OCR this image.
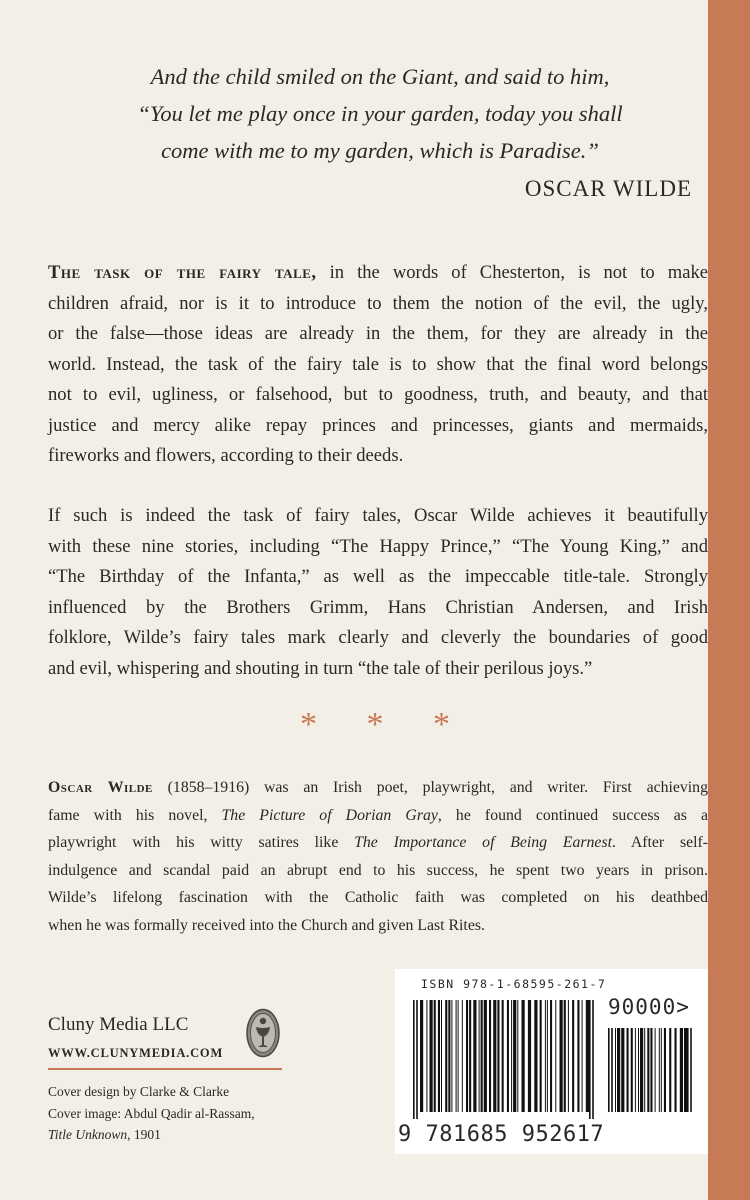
And the child smiled on the Giant, and said to him,
“You let me play once in your garden, today you shall
come with me to my garden, which is Paradise.”
OSCAR WILDE
The task of the fairy tale, in the words of Chesterton, is not to make
children afraid, nor is it to introduce to them the notion of the evil, the ugly,
or the false—those ideas are already in the them, for they are already in the
world. Instead, the task of the fairy tale is to show that the final word belongs
not to evil, ugliness, or falsehood, but to goodness, truth, and beauty, and that
justice and mercy alike repay princes and princesses, giants and mermaids,
fireworks and flowers, according to their deeds.
If such is indeed the task of fairy tales, Oscar Wilde achieves it beautifully
with these nine stories, including “The Happy Prince,” “The Young King,” and
“The Birthday of the Infanta,” as well as the impeccable title-tale. Strongly
influenced by the Brothers Grimm, Hans Christian Andersen, and Irish
folklore, Wilde’s fairy tales mark clearly and cleverly the boundaries of good
and evil, whispering and shouting in turn “the tale of their perilous joys.”
* * *
Oscar Wilde (1858–1916) was an Irish poet, playwright, and writer. First achieving
fame with his novel, The Picture of Dorian Gray, he found continued success as a
playwright with his witty satires like The Importance of Being Earnest. After self-
indulgence and scandal paid an abrupt end to his success, he spent two years in prison.
Wilde’s lifelong fascination with the Catholic faith was completed on his deathbed
when he was formally received into the Church and given Last Rites.
Cluny Media LLC
WWW.CLUNYMEDIA.COM
Cover design by Clarke & Clarke
Cover image: Abdul Qadir al-Rassam,
Title Unknown, 1901
ISBN 978-1-68595-261-7
90000>
9 781685 952617
